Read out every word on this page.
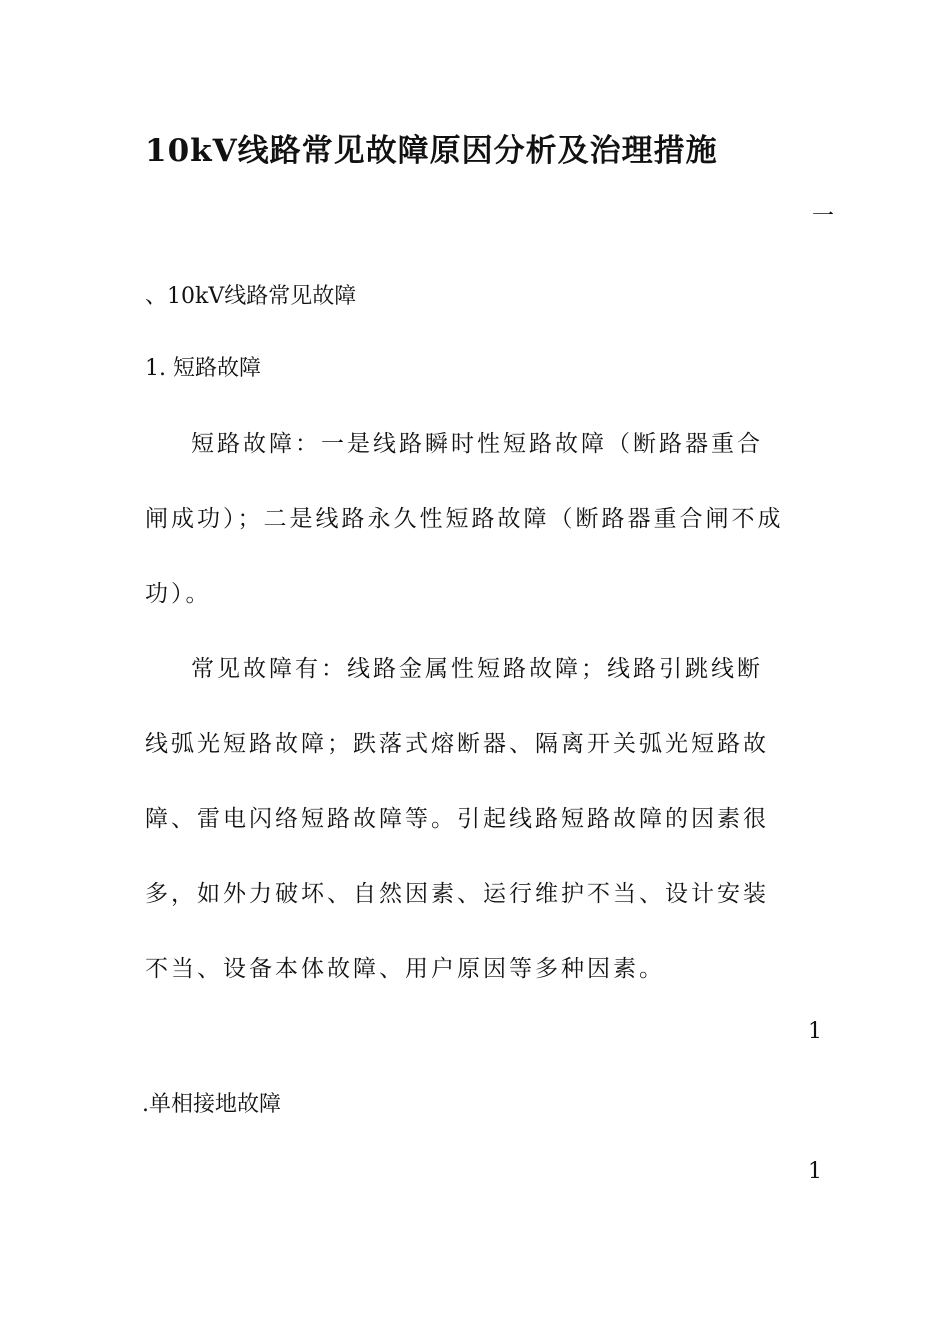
10kV线路常见故障原因分析及治理措施
一
、10kV线路常见故障
1. 短路故障

短路故障：一是线路瞬时性短路故障（断路器重合闸成功）；二是线路永久性短路故障（断路器重合闸不成功）。

常见故障有：线路金属性短路故障；线路引跳线断线弧光短路故障；跌落式熔断器、隔离开关弧光短路故障、雷电闪络短路故障等。引起线路短路故障的因素很多，如外力破坏、自然因素、运行维护不当、设计安装不当、设备本体故障、用户原因等多种因素。

1
.单相接地故障
1
